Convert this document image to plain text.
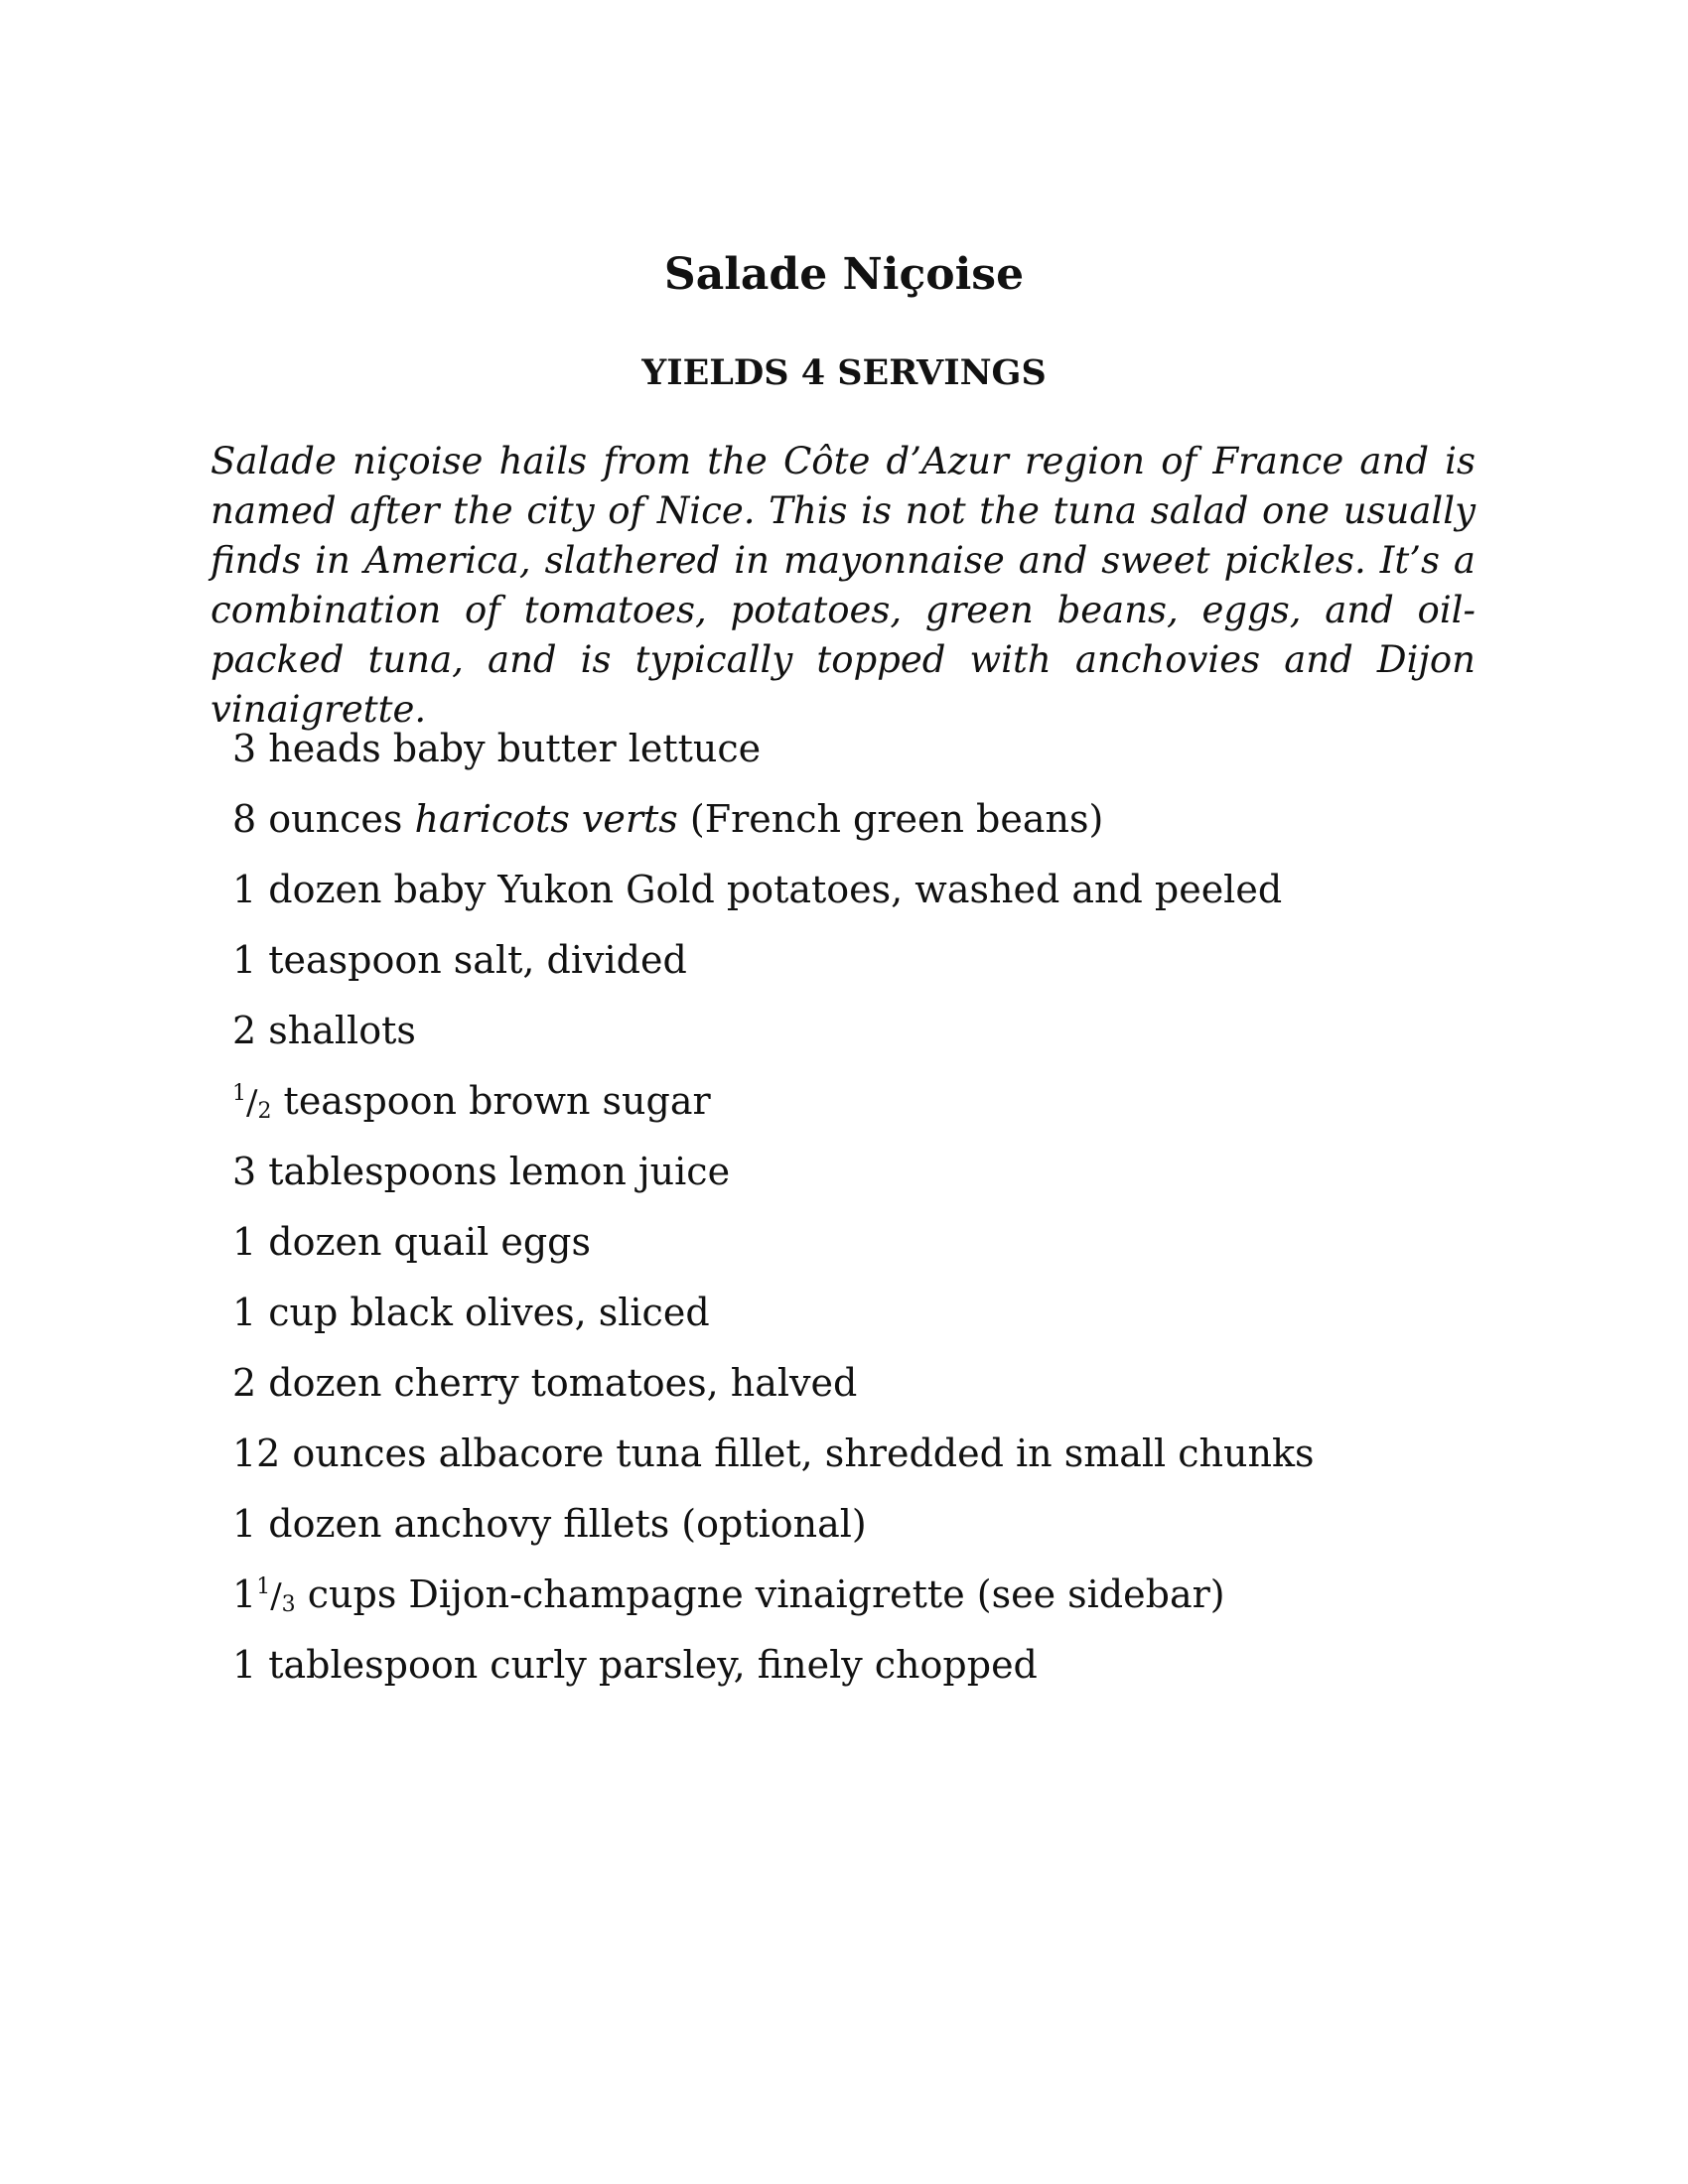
Salade Niçoise
YIELDS 4 SERVINGS

Salade niçoise hails from the Côte d’Azur region of France and is named after the city of Nice. This is not the tuna salad one usually finds in America, slathered in mayonnaise and sweet pickles. It’s a combination of tomatoes, potatoes, green beans, eggs, and oil-packed tuna, and is typically topped with anchovies and Dijon vinaigrette.

3 heads baby butter lettuce
8 ounces haricots verts (French green beans)
1 dozen baby Yukon Gold potatoes, washed and peeled
1 teaspoon salt, divided
2 shallots
$^1/_2$ teaspoon brown sugar
3 tablespoons lemon juice
1 dozen quail eggs
1 cup black olives, sliced
2 dozen cherry tomatoes, halved
12 ounces albacore tuna fillet, shredded in small chunks
1 dozen anchovy fillets (optional)
$1^1/_3$ cups Dijon-champagne vinaigrette (see sidebar)
1 tablespoon curly parsley, finely chopped
